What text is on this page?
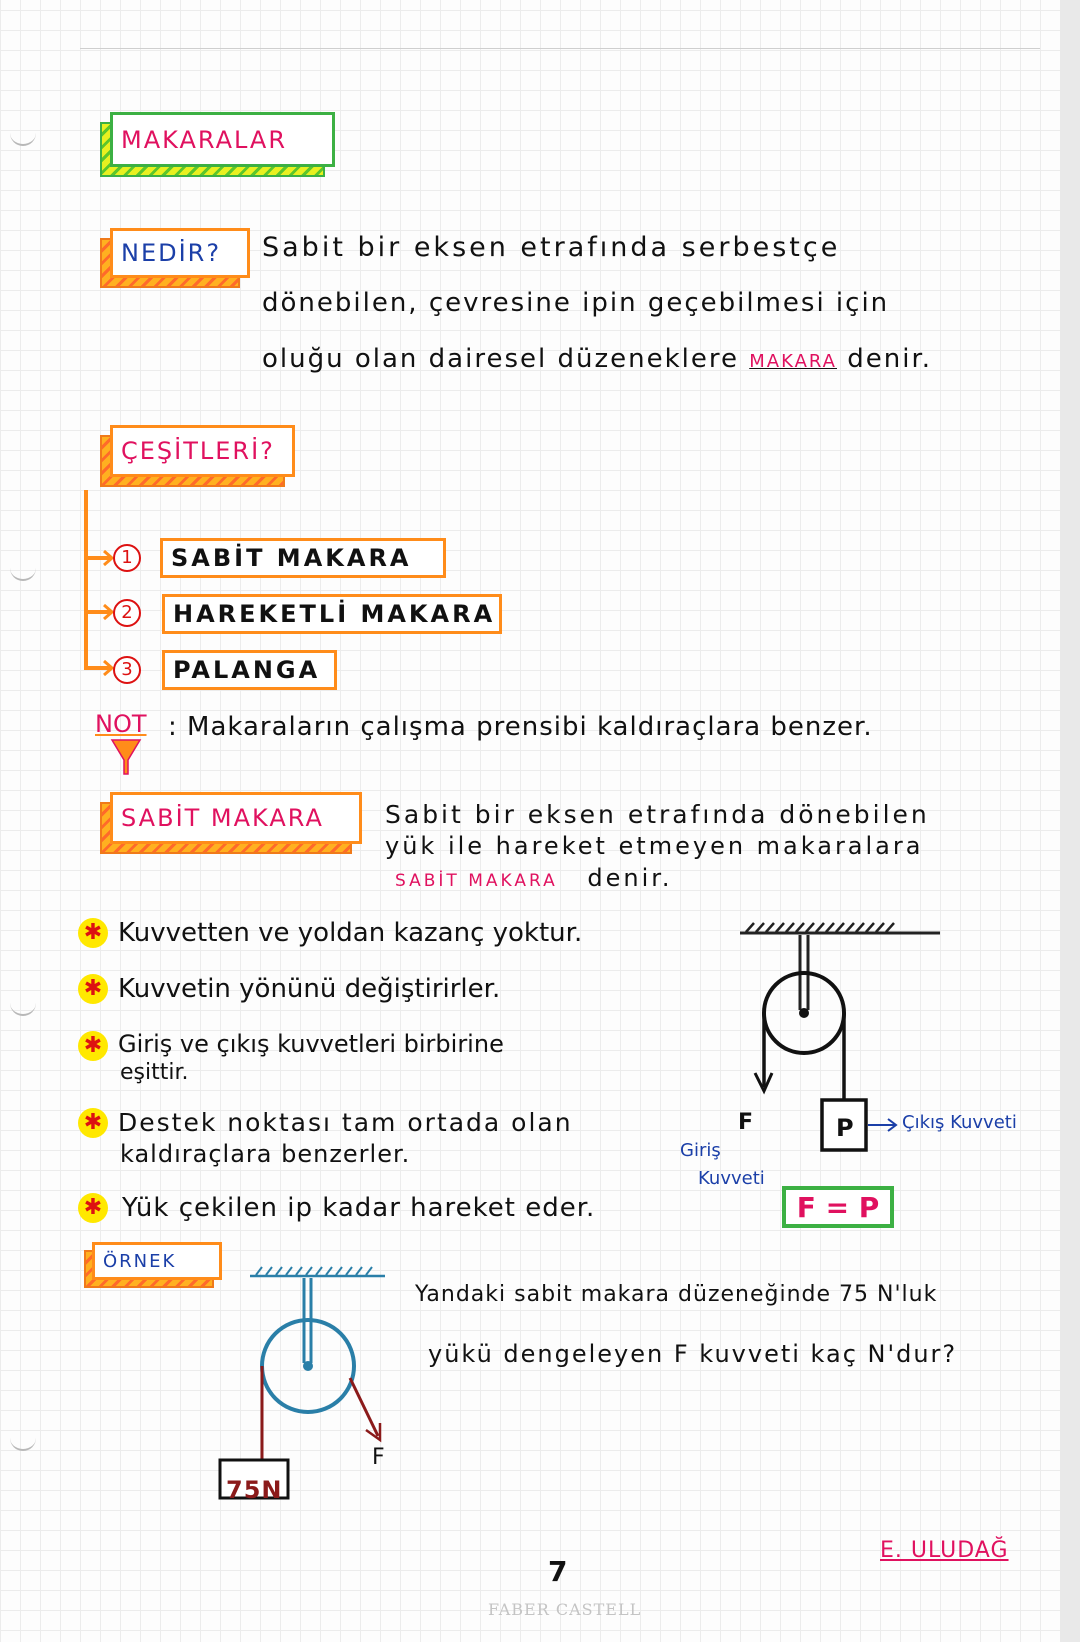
MAKARALAR
NEDİR? Sabit bir eksen etrafında serbestçe
dönebilen, çevresine ipin geçebilmesi için
oluğu olan dairesel düzeneklere MAKARA denir.
ÇEŞİTLERİ?
1	SABİT MAKARA
2	HAREKETLİ MAKARA
3	PALANGA
NOT : Makaraların çalışma prensibi kaldıraçlara benzer.
SABİT MAKARA Sabit bir eksen etrafında dönebilen
yük ile hareket etmeyen makaralara
SABİT MAKARA denir.
✱ Kuvvetten ve yoldan kazanç yoktur.
✱ Kuvvetin yönünü değiştirirler.
✱ Giriş ve çıkış kuvvetleri birbirine
eşittir.
✱ Destek noktası tam ortada olan
kaldıraçlara benzerler.
✱ Yük çekilen ip kadar hareket eder.
F	P	Çıkış Kuvveti
Giriş
Kuvveti
F = P
ÖRNEK
75N
F
Yandaki sabit makara düzeneğinde 75 N'luk
yükü dengeleyen F kuvveti kaç N'dur?
E. ULUDAĞ
7
FABER CASTELL
